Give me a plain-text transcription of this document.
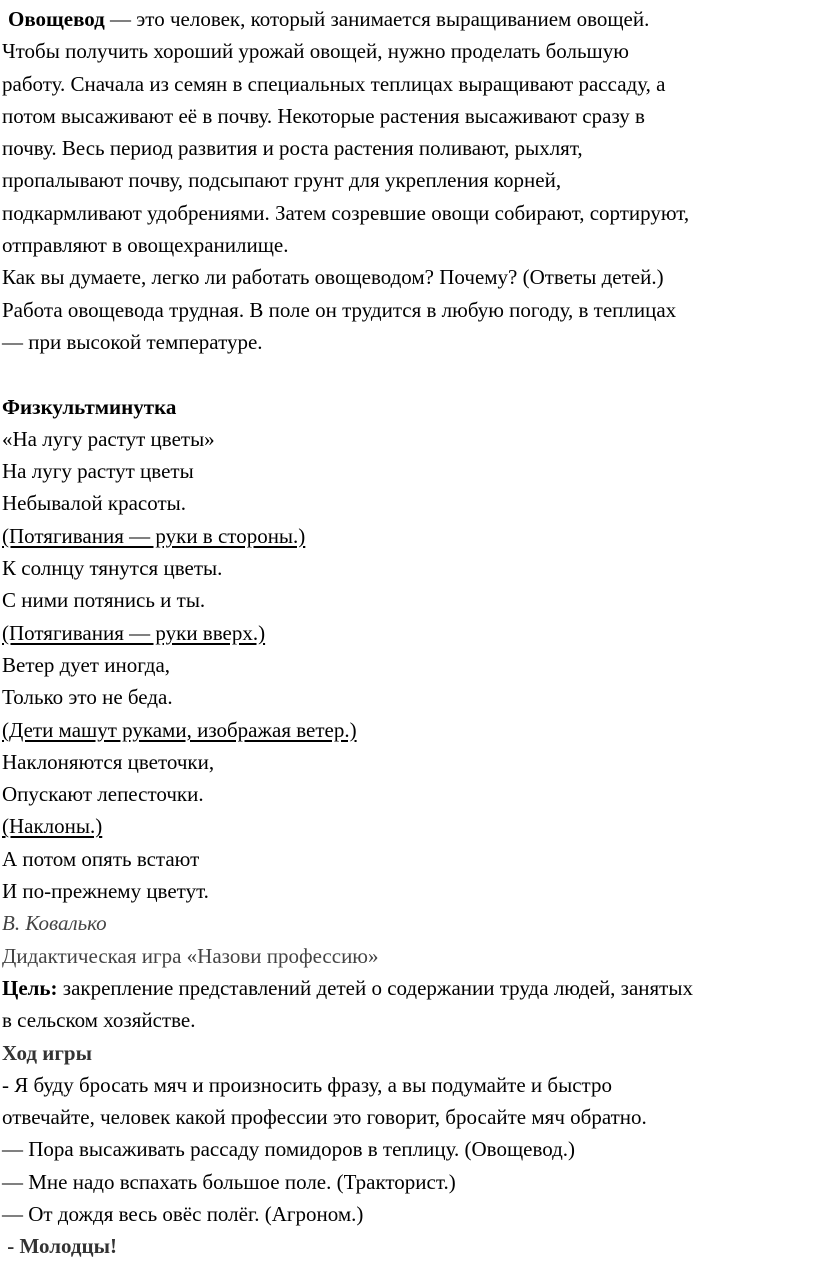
Овощевод — это человек, который занимается выращиванием овощей.
Чтобы получить хороший урожай овощей, нужно проделать большую
работу. Сначала из семян в специальных теплицах выращивают рассаду, а
потом высаживают её в почву. Некоторые растения высаживают сразу в
почву. Весь период развития и роста растения поливают, рыхлят,
пропалывают почву, подсыпают грунт для укрепления корней,
подкармливают удобрениями. Затем созревшие овощи собирают, сортируют,
отправляют в овощехранилище.
Как вы думаете, легко ли работать овощеводом? Почему? (Ответы детей.)
Работа овощевода трудная. В поле он трудится в любую погоду, в теплицах
— при высокой температуре.
Физкультминутка
«На лугу растут цветы»
На лугу растут цветы
Небывалой красоты.
(Потягивания — руки в стороны.)
К солнцу тянутся цветы.
С ними потянись и ты.
(Потягивания — руки вверх.)
Ветер дует иногда,
Только это не беда.
(Дети машут руками, изображая ветер.)
Наклоняются цветочки,
Опускают лепесточки.
(Наклоны.)
А потом опять встают
И по-прежнему цветут.
В. Ковалько
Дидактическая игра «Назови профессию»
Цель: закрепление представлений детей о содержании труда людей, занятых
в сельском хозяйстве.
Ход игры
- Я буду бросать мяч и произносить фразу, а вы подумайте и быстро
отвечайте, человек какой профессии это говорит, бросайте мяч обратно.
— Пора высаживать рассаду помидоров в теплицу. (Овощевод.)
— Мне надо вспахать большое поле. (Тракторист.)
— От дождя весь овёс полёг. (Агроном.)
- Молодцы!
